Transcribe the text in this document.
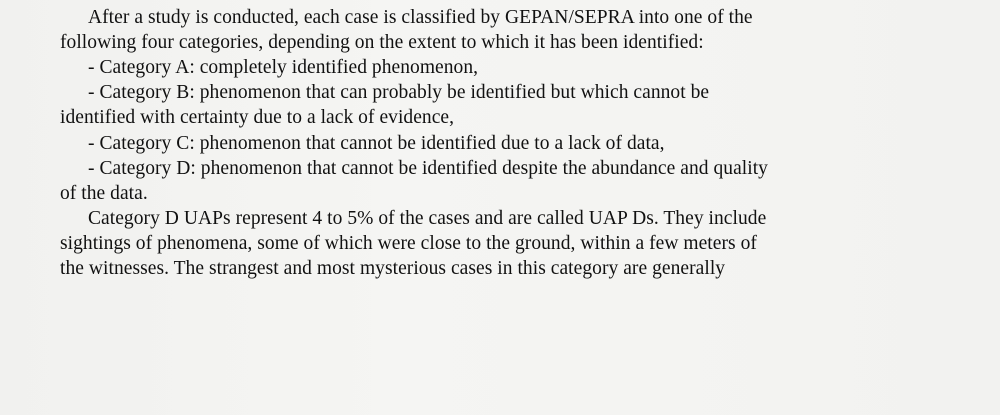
After a study is conducted, each case is classified by GEPAN/SEPRA into one of the
following four categories, depending on the extent to which it has been identified:
- Category A: completely identified phenomenon,
- Category B: phenomenon that can probably be identified but which cannot be
identified with certainty due to a lack of evidence,
- Category C: phenomenon that cannot be identified due to a lack of data,
- Category D: phenomenon that cannot be identified despite the abundance and quality
of the data.
Category D UAPs represent 4 to 5% of the cases and are called UAP Ds. They include
sightings of phenomena, some of which were close to the ground, within a few meters of
the witnesses. The strangest and most mysterious cases in this category are generally
